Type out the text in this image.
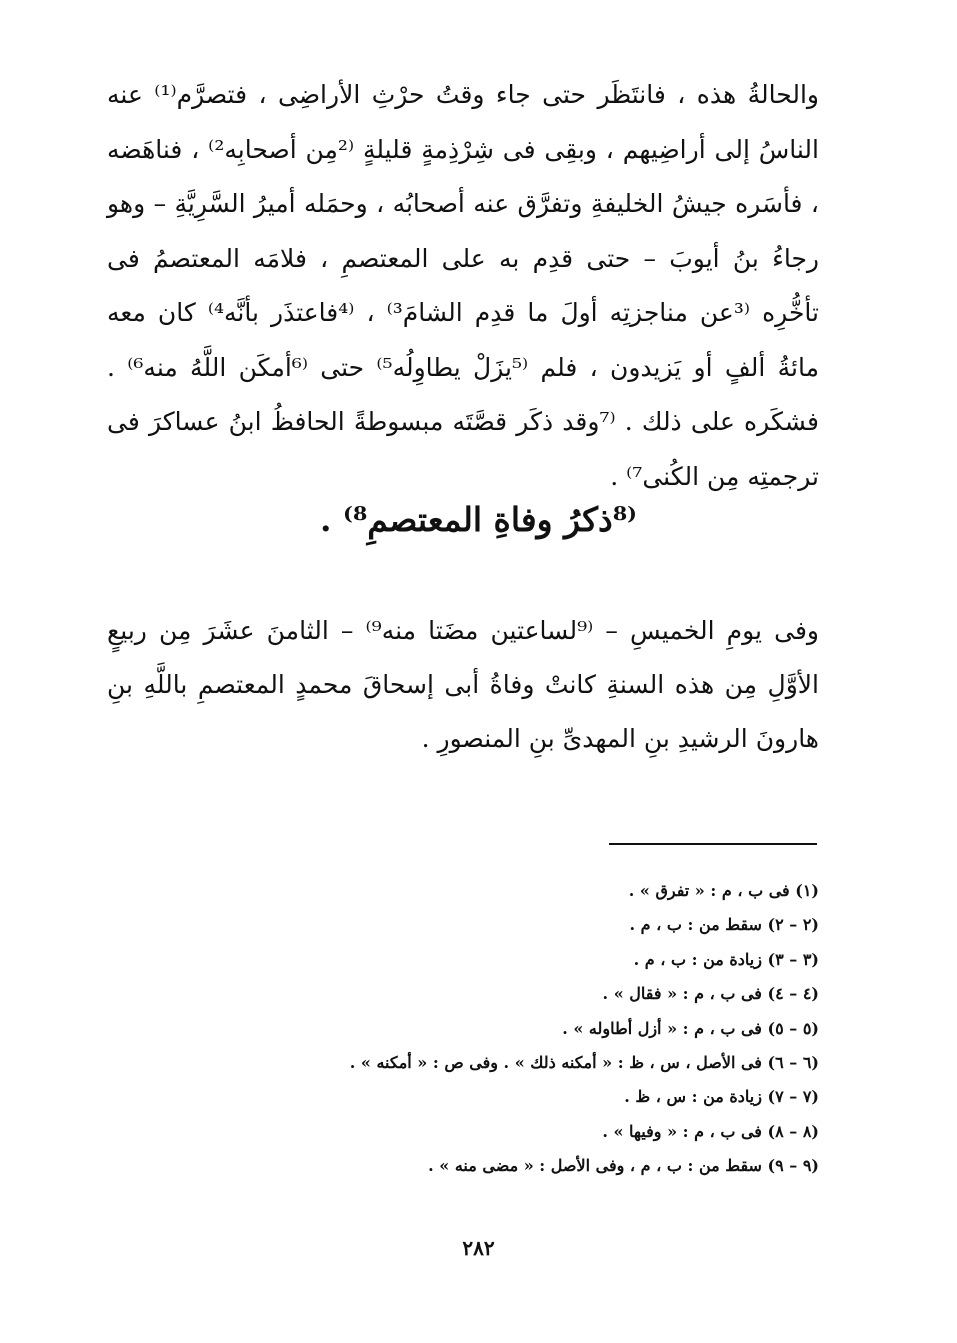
والحالةُ هذه ، فانتَظَر حتى جاء وقتُ حرْثِ الأراضِى ، فتصرَّم⁽¹⁾ عنه الناسُ إلى أراضِيهم ، وبقِى فى شِرْذِمةٍ قليلةٍ ⁽²مِن أصحابِه²⁾ ، فناهَضه ، فأسَره جيشُ الخليفةِ وتفرَّق عنه أصحابُه ، وحمَله أميرُ السَّرِيَّةِ – وهو رجاءُ بنُ أيوبَ – حتى قدِم به على المعتصمِ ، فلامَه المعتصمُ فى تأخُّرِه ⁽³عن مناجزتِه أولَ ما قدِم الشامَ³⁾ ، ⁽⁴فاعتذَر بأنَّه⁴⁾ كان معه مائةُ ألفٍ أو يَزيدون ، فلم ⁽⁵يزَلْ يطاوِلُه⁵⁾ حتى ⁽⁶أمكَن اللَّهُ منه⁶⁾ . فشكَره على ذلك . ⁽⁷وقد ذكَر قصَّتَه مبسوطةً الحافظُ ابنُ عساكرَ فى ترجمتِه مِن الكُنى⁷⁾ .

⁽⁸ذكرُ وفاةِ المعتصمِ⁸⁾ .

وفى يومِ الخميسِ – ⁽⁹لساعتين مضَتا منه⁹⁾ – الثامنَ عشَرَ مِن ربيعٍ الأوَّلِ مِن هذه السنةِ كانتْ وفاةُ أبى إسحاقَ محمدٍ المعتصمِ باللَّهِ بنِ هارونَ الرشيدِ بنِ المهدىِّ بنِ المنصورِ .

(١) فى ب ، م : « تفرق » .
(٢ – ٢) سقط من : ب ، م .
(٣ – ٣) زيادة من : ب ، م .
(٤ – ٤) فى ب ، م : « فقال » .
(٥ – ٥) فى ب ، م : « أزل أطاوله » .
(٦ – ٦) فى الأصل ، س ، ظ : « أمكنه ذلك » . وفى ص : « أمكنه » .
(٧ – ٧) زيادة من : س ، ظ .
(٨ – ٨) فى ب ، م : « وفيها » .
(٩ – ٩) سقط من : ب ، م ، وفى الأصل : « مضى منه » .
٢٨٢
